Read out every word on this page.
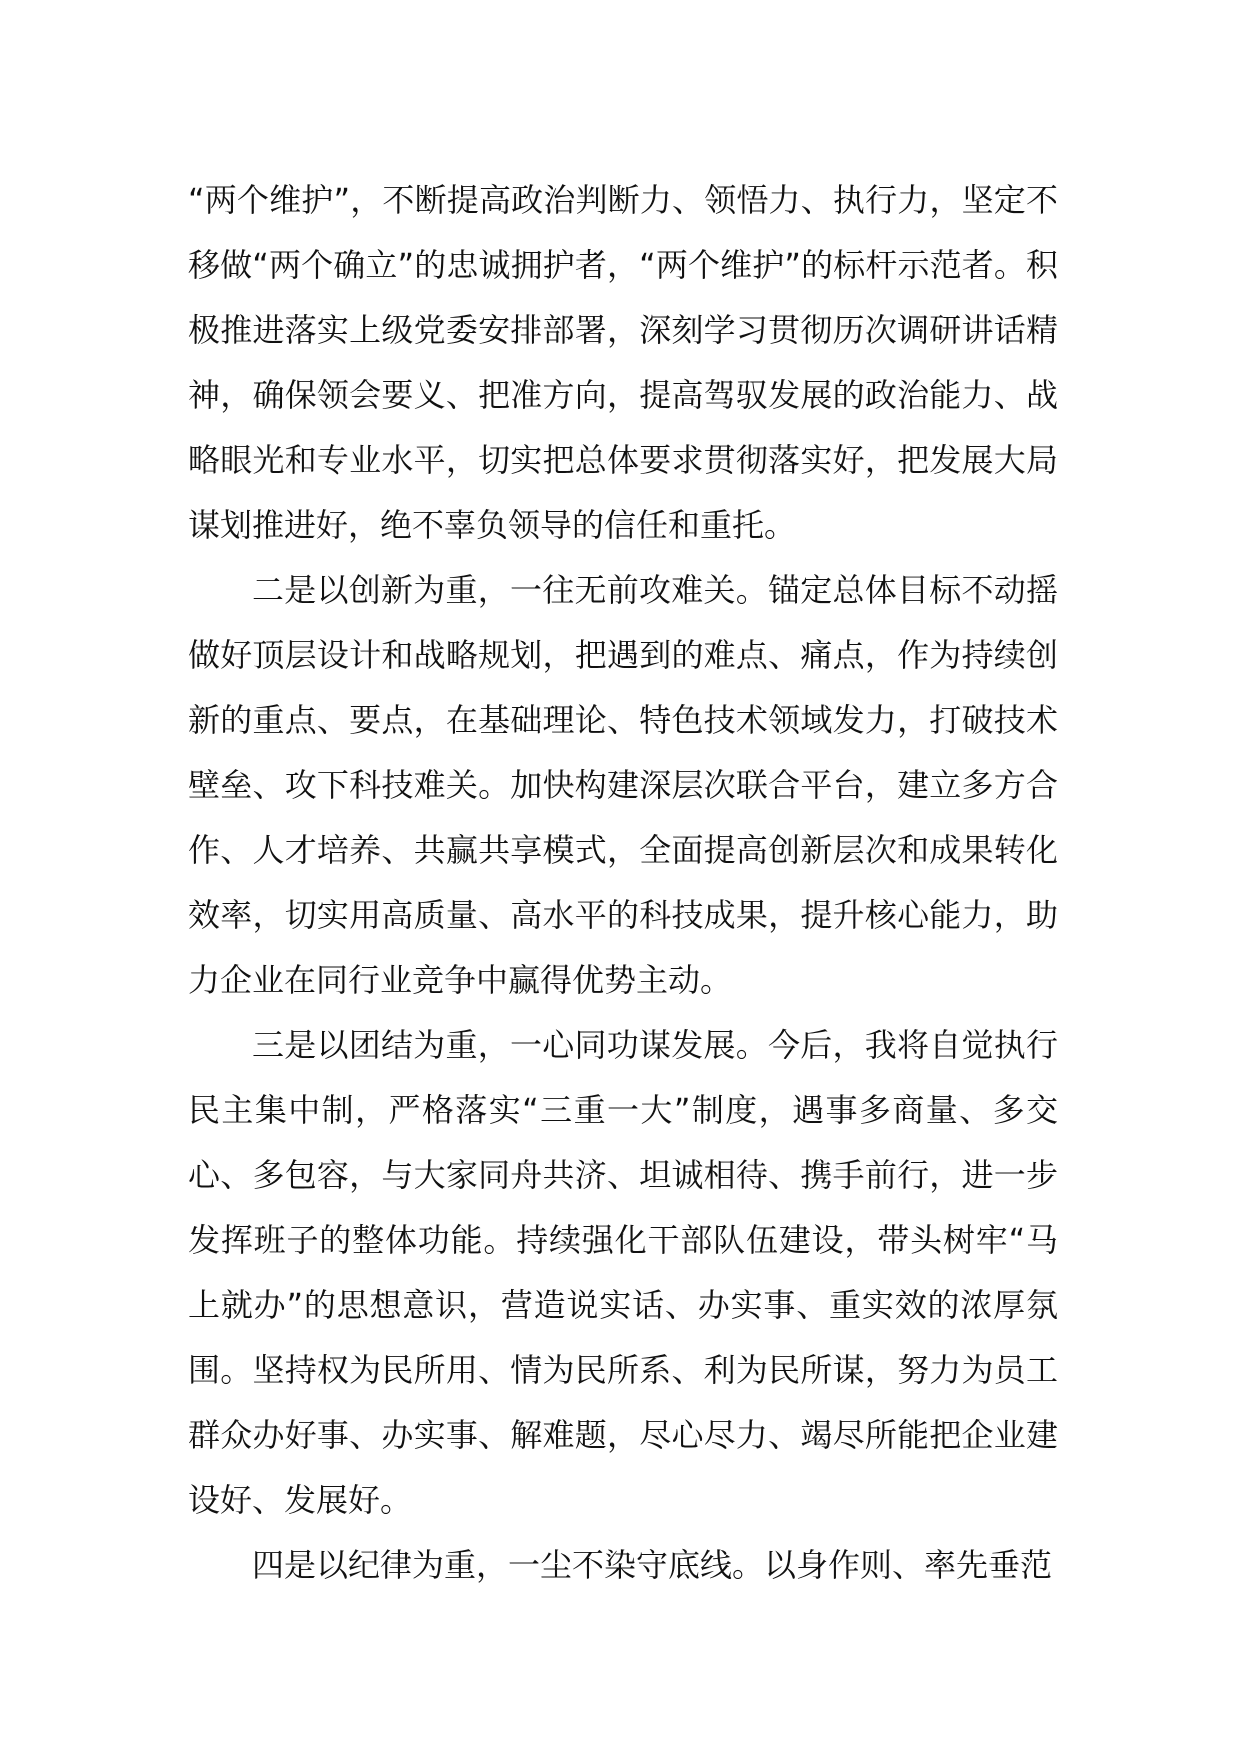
“两个维护”，不断提高政治判断力、领悟力、执行力，坚定不移做“两个确立”的忠诚拥护者，“两个维护”的标杆示范者。积极推进落实上级党委安排部署，深刻学习贯彻历次调研讲话精神，确保领会要义、把准方向，提高驾驭发展的政治能力、战略眼光和专业水平，切实把总体要求贯彻落实好，把发展大局谋划推进好，绝不辜负领导的信任和重托。

二是以创新为重，一往无前攻难关。锚定总体目标不动摇做好顶层设计和战略规划，把遇到的难点、痛点，作为持续创新的重点、要点，在基础理论、特色技术领域发力，打破技术壁垒、攻下科技难关。加快构建深层次联合平台，建立多方合作、人才培养、共赢共享模式，全面提高创新层次和成果转化效率，切实用高质量、高水平的科技成果，提升核心能力，助力企业在同行业竞争中赢得优势主动。

三是以团结为重，一心同功谋发展。今后，我将自觉执行民主集中制，严格落实“三重一大”制度，遇事多商量、多交心、多包容，与大家同舟共济、坦诚相待、携手前行，进一步发挥班子的整体功能。持续强化干部队伍建设，带头树牢“马上就办”的思想意识，营造说实话、办实事、重实效的浓厚氛围。坚持权为民所用、情为民所系、利为民所谋，努力为员工群众办好事、办实事、解难题，尽心尽力、竭尽所能把企业建设好、发展好。

四是以纪律为重，一尘不染守底线。以身作则、率先垂范
